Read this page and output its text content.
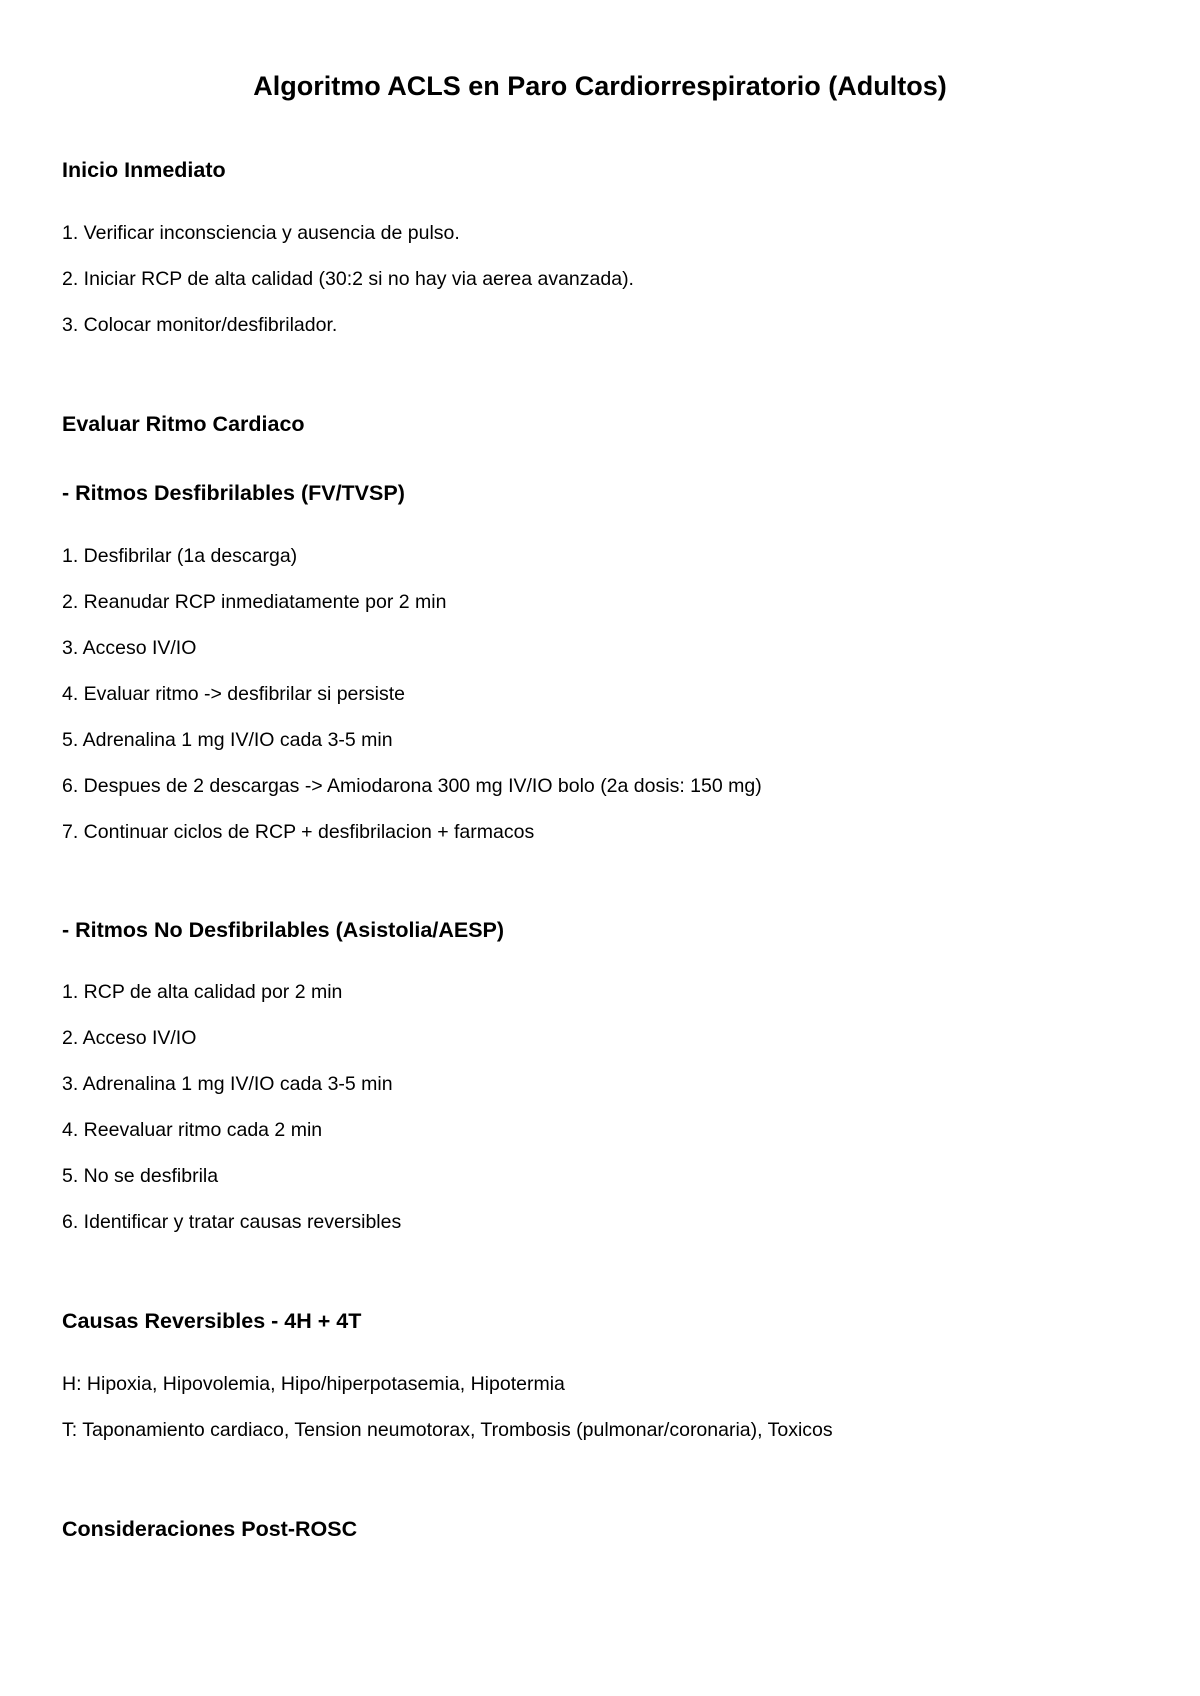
Algoritmo ACLS en Paro Cardiorrespiratorio (Adultos)
Inicio Inmediato

1. Verificar inconsciencia y ausencia de pulso.

2. Iniciar RCP de alta calidad (30:2 si no hay via aerea avanzada).

3. Colocar monitor/desfibrilador.

Evaluar Ritmo Cardiaco
- Ritmos Desfibrilables (FV/TVSP)

1. Desfibrilar (1a descarga)

2. Reanudar RCP inmediatamente por 2 min

3. Acceso IV/IO

4. Evaluar ritmo -> desfibrilar si persiste

5. Adrenalina 1 mg IV/IO cada 3-5 min

6. Despues de 2 descargas -> Amiodarona 300 mg IV/IO bolo (2a dosis: 150 mg)

7. Continuar ciclos de RCP + desfibrilacion + farmacos

- Ritmos No Desfibrilables (Asistolia/AESP)

1. RCP de alta calidad por 2 min

2. Acceso IV/IO

3. Adrenalina 1 mg IV/IO cada 3-5 min

4. Reevaluar ritmo cada 2 min

5. No se desfibrila

6. Identificar y tratar causas reversibles

Causas Reversibles - 4H + 4T

H: Hipoxia, Hipovolemia, Hipo/hiperpotasemia, Hipotermia

T: Taponamiento cardiaco, Tension neumotorax, Trombosis (pulmonar/coronaria), Toxicos

Consideraciones Post-ROSC
